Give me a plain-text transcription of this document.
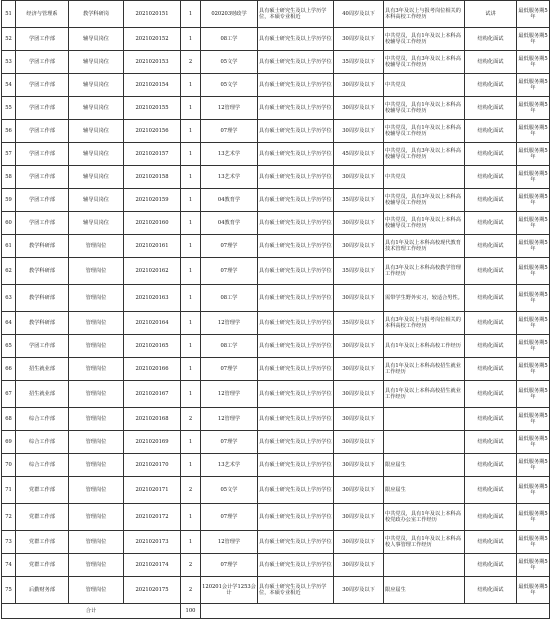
51	经济与管理系	教学科研岗	2021020151	1	020203财政学	具有硕士研究生及以上学历学位，本硕专业相近	40周岁及以下	具有3年及以上与报考岗位相关的本科高校工作经历	试讲	最低服务期5年
52	学团工作部	辅导员岗位	2021020152	1	08工学	具有硕士研究生及以上学历学位	30周岁及以下	中共党员，具有1年及以上本科高校辅导员工作经历	结构化面试	最低服务期5年
53	学团工作部	辅导员岗位	2021020153	2	05文学	具有硕士研究生及以上学历学位	35周岁及以下	中共党员，具有3年及以上本科高校辅导员工作经历	结构化面试	最低服务期5年
54	学团工作部	辅导员岗位	2021020154	1	05文学	具有硕士研究生及以上学历学位	30周岁及以下	中共党员	结构化面试	最低服务期5年
55	学团工作部	辅导员岗位	2021020155	1	12管理学	具有硕士研究生及以上学历学位	30周岁及以下	中共党员，具有1年及以上本科高校辅导员工作经历	结构化面试	最低服务期5年
56	学团工作部	辅导员岗位	2021020156	1	07理学	具有硕士研究生及以上学历学位	30周岁及以下	中共党员，具有1年及以上本科高校辅导员工作经历	结构化面试	最低服务期5年
57	学团工作部	辅导员岗位	2021020157	1	13艺术学	具有硕士研究生及以上学历学位	45周岁及以下	中共党员，具有3年及以上本科高校辅导员工作经历	结构化面试	最低服务期5年
58	学团工作部	辅导员岗位	2021020158	1	13艺术学	具有硕士研究生及以上学历学位	30周岁及以下	中共党员	结构化面试	最低服务期5年
59	学团工作部	辅导员岗位	2021020159	1	04教育学	具有硕士研究生及以上学历学位	35周岁及以下	中共党员，具有3年及以上本科高校辅导员工作经历	结构化面试	最低服务期5年
60	学团工作部	辅导员岗位	2021020160	1	04教育学	具有硕士研究生及以上学历学位	30周岁及以下	中共党员，具有1年及以上本科高校辅导员工作经历	结构化面试	最低服务期5年
61	教学科研部	管理岗位	2021020161	1	07理学	具有硕士研究生及以上学历学位	30周岁及以下	具有1年及以上本科高校现代教育技术管理工作经历	结构化面试	最低服务期5年
62	教学科研部	管理岗位	2021020162	1	07理学	具有硕士研究生及以上学历学位	35周岁及以下	具有3年及以上本科高校教学管理工作经历	结构化面试	最低服务期5年
63	教学科研部	管理岗位	2021020163	1	08工学	具有硕士研究生及以上学历学位	30周岁及以下	需带学生野外实习，较适合男性。	结构化面试	最低服务期5年
64	教学科研部	管理岗位	2021020164	1	12管理学	具有硕士研究生及以上学历学位	35周岁及以下	具有3年及以上与报考岗位相关的本科高校工作经历	结构化面试	最低服务期5年
65	学团工作部	管理岗位	2021020165	1	08工学	具有硕士研究生及以上学历学位	30周岁及以下	具有1年及以上本科高校工作经历	结构化面试	最低服务期5年
66	招生就业部	管理岗位	2021020166	1	07理学	具有硕士研究生及以上学历学位	30周岁及以下	具有1年及以上本科高校招生就业工作经历	结构化面试	最低服务期5年
67	招生就业部	管理岗位	2021020167	1	12管理学	具有硕士研究生及以上学历学位	30周岁及以下	具有1年及以上本科高校招生就业工作经历	结构化面试	最低服务期5年
68	综合工作部	管理岗位	2021020168	2	12管理学	具有硕士研究生及以上学历学位	30周岁及以下		结构化面试	最低服务期5年
69	综合工作部	管理岗位	2021020169	1	07理学	具有硕士研究生及以上学历学位	30周岁及以下		结构化面试	最低服务期5年
70	综合工作部	管理岗位	2021020170	1	13艺术学	具有硕士研究生及以上学历学位	30周岁及以下	限应届生	结构化面试	最低服务期5年
71	党群工作部	管理岗位	2021020171	2	05文学	具有硕士研究生及以上学历学位	30周岁及以下	限应届生	结构化面试	最低服务期5年
72	党群工作部	管理岗位	2021020172	1	07理学	具有硕士研究生及以上学历学位	30周岁及以下	中共党员，具有1年及以上本科高校党政办公室工作经历	结构化面试	最低服务期5年
73	党群工作部	管理岗位	2021020173	1	12管理学	具有硕士研究生及以上学历学位	30周岁及以下	中共党员，具有1年及以上本科高校人事管理工作经历	结构化面试	最低服务期5年
74	党群工作部	管理岗位	2021020174	2	07理学	具有硕士研究生及以上学历学位	30周岁及以下		结构化面试	最低服务期5年
75	后勤财务部	管理岗位	2021020175	2	120201会计学1253会计	具有硕士研究生及以上学历学位，本硕专业相近	30周岁及以下	限应届生	结构化面试	最低服务期5年
合计				100						
